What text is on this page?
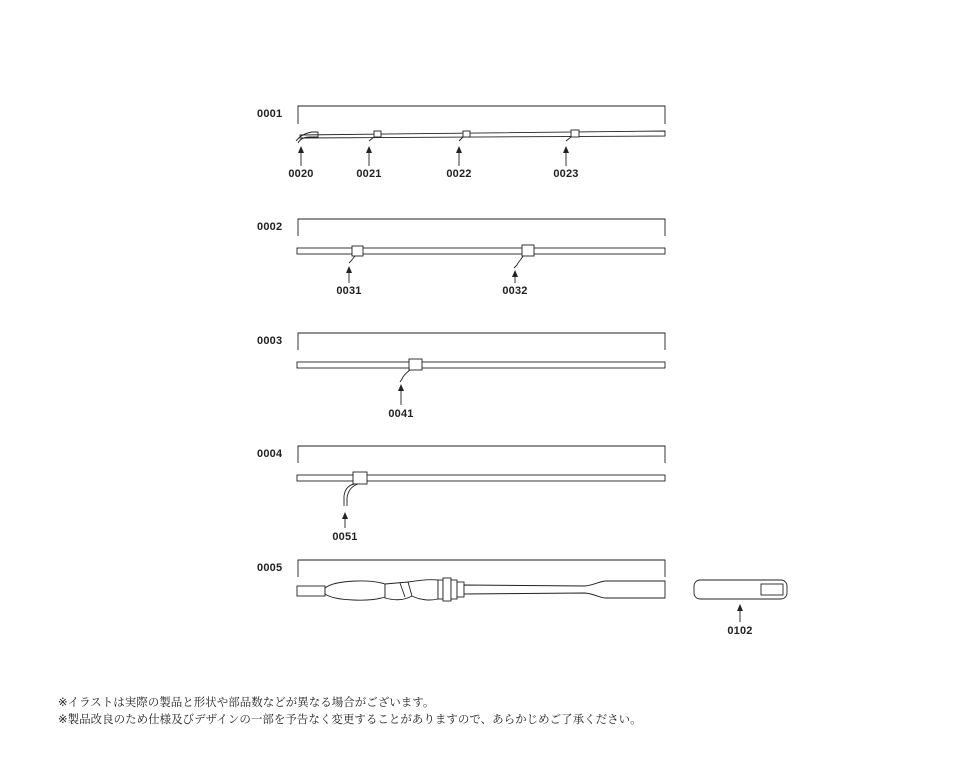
0001
0002
0003
0004
0005
0020	0021	0022	0023
0031	0032
0041
0051
0102
※イラストは実際の製品と形状や部品数などが異なる場合がございます。
※製品改良のため仕様及びデザインの一部を予告なく変更することがありますので、あらかじめご了承ください。
